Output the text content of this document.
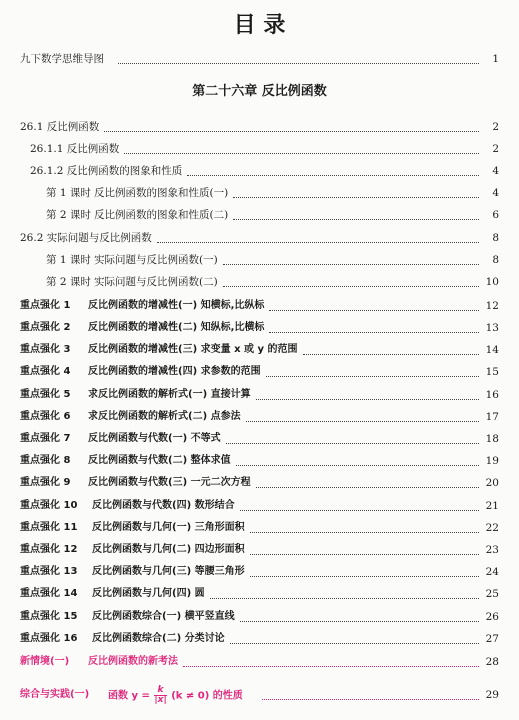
目 录
九下数学思维导图	1
第二十六章 反比例函数
26.1 反比例函数	2
26.1.1 反比例函数	2
26.1.2 反比例函数的图象和性质	4
第 1 课时 反比例函数的图象和性质(一)	4
第 2 课时 反比例函数的图象和性质(二)	6
26.2 实际问题与反比例函数	8
第 1 课时 实际问题与反比例函数(一)	8
第 2 课时 实际问题与反比例函数(二)	10
重点强化 1	反比例函数的增减性(一) 知横标,比纵标	12
重点强化 2	反比例函数的增减性(二) 知纵标,比横标	13
重点强化 3	反比例函数的增减性(三) 求变量 x 或 y 的范围	14
重点强化 4	反比例函数的增减性(四) 求参数的范围	15
重点强化 5	求反比例函数的解析式(一) 直接计算	16
重点强化 6	求反比例函数的解析式(二) 点参法	17
重点强化 7	反比例函数与代数(一) 不等式	18
重点强化 8	反比例函数与代数(二) 整体求值	19
重点强化 9	反比例函数与代数(三) 一元二次方程	20
重点强化 10	反比例函数与代数(四) 数形结合	21
重点强化 11	反比例函数与几何(一) 三角形面积	22
重点强化 12	反比例函数与几何(二) 四边形面积	23
重点强化 13	反比例函数与几何(三) 等腰三角形	24
重点强化 14	反比例函数与几何(四) 圆	25
重点强化 15	反比例函数综合(一) 横平竖直线	26
重点强化 16	反比例函数综合(二) 分类讨论	27
新情境(一)	反比例函数的新考法	28
综合与实践(一)	函数 $y = \frac{k}{|x|} (k \ne 0)$ 的性质	29
